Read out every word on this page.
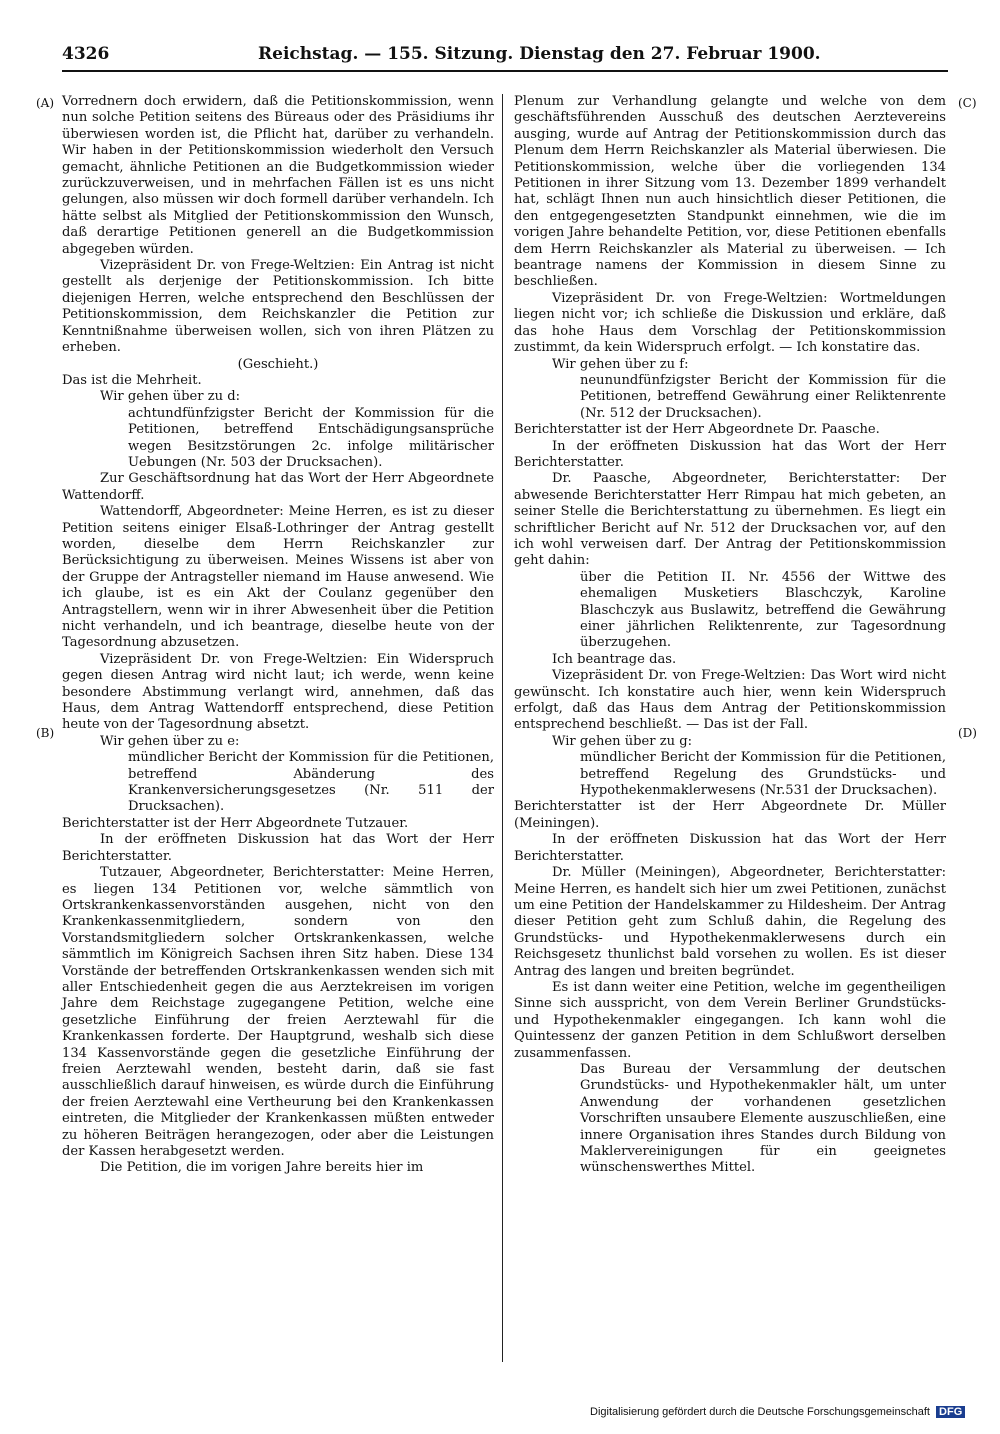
4326	Reichstag. — 155. Sitzung. Dienstag den 27. Februar 1900.
(A)
(B)
(C)
(D)

Vorrednern doch erwidern, daß die Petitionskommission, wenn nun solche Petition seitens des Büreaus oder des Präsidiums ihr überwiesen worden ist, die Pflicht hat, darüber zu verhandeln. Wir haben in der Petitionskommission wiederholt den Versuch gemacht, ähnliche Petitionen an die Budgetkommission wieder zurückzuverweisen, und in mehrfachen Fällen ist es uns nicht gelungen, also müssen wir doch formell darüber verhandeln. Ich hätte selbst als Mitglied der Petitionskommission den Wunsch, daß derartige Petitionen generell an die Budgetkommission abgegeben würden.

Vizepräsident Dr. von Frege-Weltzien: Ein Antrag ist nicht gestellt als derjenige der Petitionskommission. Ich bitte diejenigen Herren, welche entsprechend den Beschlüssen der Petitionskommission, dem Reichskanzler die Petition zur Kenntnißnahme überweisen wollen, sich von ihren Plätzen zu erheben.

(Geschieht.)

Das ist die Mehrheit.

Wir gehen über zu d:

achtundfünfzigster Bericht der Kommission für die Petitionen, betreffend Entschädigungsansprüche wegen Besitzstörungen 2c. infolge militärischer Uebungen (Nr. 503 der Drucksachen).

Zur Geschäftsordnung hat das Wort der Herr Abgeordnete Wattendorff.

Wattendorff, Abgeordneter: Meine Herren, es ist zu dieser Petition seitens einiger Elsaß-Lothringer der Antrag gestellt worden, dieselbe dem Herrn Reichskanzler zur Berücksichtigung zu überweisen. Meines Wissens ist aber von der Gruppe der Antragsteller niemand im Hause anwesend. Wie ich glaube, ist es ein Akt der Coulanz gegenüber den Antragstellern, wenn wir in ihrer Abwesenheit über die Petition nicht verhandeln, und ich beantrage, dieselbe heute von der Tagesordnung abzusetzen.

Vizepräsident Dr. von Frege-Weltzien: Ein Widerspruch gegen diesen Antrag wird nicht laut; ich werde, wenn keine besondere Abstimmung verlangt wird, annehmen, daß das Haus, dem Antrag Wattendorff entsprechend, diese Petition heute von der Tagesordnung absetzt.

Wir gehen über zu e:

mündlicher Bericht der Kommission für die Petitionen, betreffend Abänderung des Krankenversicherungsgesetzes (Nr. 511 der Drucksachen).

Berichterstatter ist der Herr Abgeordnete Tutzauer.

In der eröffneten Diskussion hat das Wort der Herr Berichterstatter.

Tutzauer, Abgeordneter, Berichterstatter: Meine Herren, es liegen 134 Petitionen vor, welche sämmtlich von Ortskrankenkassenvorständen ausgehen, nicht von den Krankenkassenmitgliedern, sondern von den Vorstandsmitgliedern solcher Ortskrankenkassen, welche sämmtlich im Königreich Sachsen ihren Sitz haben. Diese 134 Vorstände der betreffenden Ortskrankenkassen wenden sich mit aller Entschiedenheit gegen die aus Aerztekreisen im vorigen Jahre dem Reichstage zugegangene Petition, welche eine gesetzliche Einführung der freien Aerztewahl für die Krankenkassen forderte. Der Hauptgrund, weshalb sich diese 134 Kassenvorstände gegen die gesetzliche Einführung der freien Aerztewahl wenden, besteht darin, daß sie fast ausschließlich darauf hinweisen, es würde durch die Einführung der freien Aerztewahl eine Vertheurung bei den Krankenkassen eintreten, die Mitglieder der Krankenkassen müßten entweder zu höheren Beiträgen herangezogen, oder aber die Leistungen der Kassen herabgesetzt werden.

Die Petition, die im vorigen Jahre bereits hier im

Plenum zur Verhandlung gelangte und welche von dem geschäftsführenden Ausschuß des deutschen Aerztevereins ausging, wurde auf Antrag der Petitionskommission durch das Plenum dem Herrn Reichskanzler als Material überwiesen. Die Petitionskommission, welche über die vorliegenden 134 Petitionen in ihrer Sitzung vom 13. Dezember 1899 verhandelt hat, schlägt Ihnen nun auch hinsichtlich dieser Petitionen, die den entgegengesetzten Standpunkt einnehmen, wie die im vorigen Jahre behandelte Petition, vor, diese Petitionen ebenfalls dem Herrn Reichskanzler als Material zu überweisen. — Ich beantrage namens der Kommission in diesem Sinne zu beschließen.

Vizepräsident Dr. von Frege-Weltzien: Wortmeldungen liegen nicht vor; ich schließe die Diskussion und erkläre, daß das hohe Haus dem Vorschlag der Petitionskommission zustimmt, da kein Widerspruch erfolgt. — Ich konstatire das.

Wir gehen über zu f:

neunundfünfzigster Bericht der Kommission für die Petitionen, betreffend Gewährung einer Reliktenrente (Nr. 512 der Drucksachen).

Berichterstatter ist der Herr Abgeordnete Dr. Paasche.

In der eröffneten Diskussion hat das Wort der Herr Berichterstatter.

Dr. Paasche, Abgeordneter, Berichterstatter: Der abwesende Berichterstatter Herr Rimpau hat mich gebeten, an seiner Stelle die Berichterstattung zu übernehmen. Es liegt ein schriftlicher Bericht auf Nr. 512 der Drucksachen vor, auf den ich wohl verweisen darf. Der Antrag der Petitionskommission geht dahin:

über die Petition II. Nr. 4556 der Wittwe des ehemaligen Musketiers Blaschczyk, Karoline Blaschczyk aus Buslawitz, betreffend die Gewährung einer jährlichen Reliktenrente, zur Tagesordnung überzugehen.

Ich beantrage das.

Vizepräsident Dr. von Frege-Weltzien: Das Wort wird nicht gewünscht. Ich konstatire auch hier, wenn kein Widerspruch erfolgt, daß das Haus dem Antrag der Petitionskommission entsprechend beschließt. — Das ist der Fall.

Wir gehen über zu g:

mündlicher Bericht der Kommission für die Petitionen, betreffend Regelung des Grundstücks- und Hypothekenmaklerwesens (Nr.531 der Drucksachen).

Berichterstatter ist der Herr Abgeordnete Dr. Müller (Meiningen).

In der eröffneten Diskussion hat das Wort der Herr Berichterstatter.

Dr. Müller (Meiningen), Abgeordneter, Berichterstatter: Meine Herren, es handelt sich hier um zwei Petitionen, zunächst um eine Petition der Handelskammer zu Hildesheim. Der Antrag dieser Petition geht zum Schluß dahin, die Regelung des Grundstücks- und Hypothekenmaklerwesens durch ein Reichsgesetz thunlichst bald vorsehen zu wollen. Es ist dieser Antrag des langen und breiten begründet.

Es ist dann weiter eine Petition, welche im gegentheiligen Sinne sich ausspricht, von dem Verein Berliner Grundstücks- und Hypothekenmakler eingegangen. Ich kann wohl die Quintessenz der ganzen Petition in dem Schlußwort derselben zusammenfassen.

Das Bureau der Versammlung der deutschen Grundstücks- und Hypothekenmakler hält, um unter Anwendung der vorhandenen gesetzlichen Vorschriften unsaubere Elemente auszuschließen, eine innere Organisation ihres Standes durch Bildung von Maklervereinigungen für ein geeignetes wünschenswerthes Mittel.

Digitalisierung gefördert durch die Deutsche Forschungsgemeinschaft DFG
